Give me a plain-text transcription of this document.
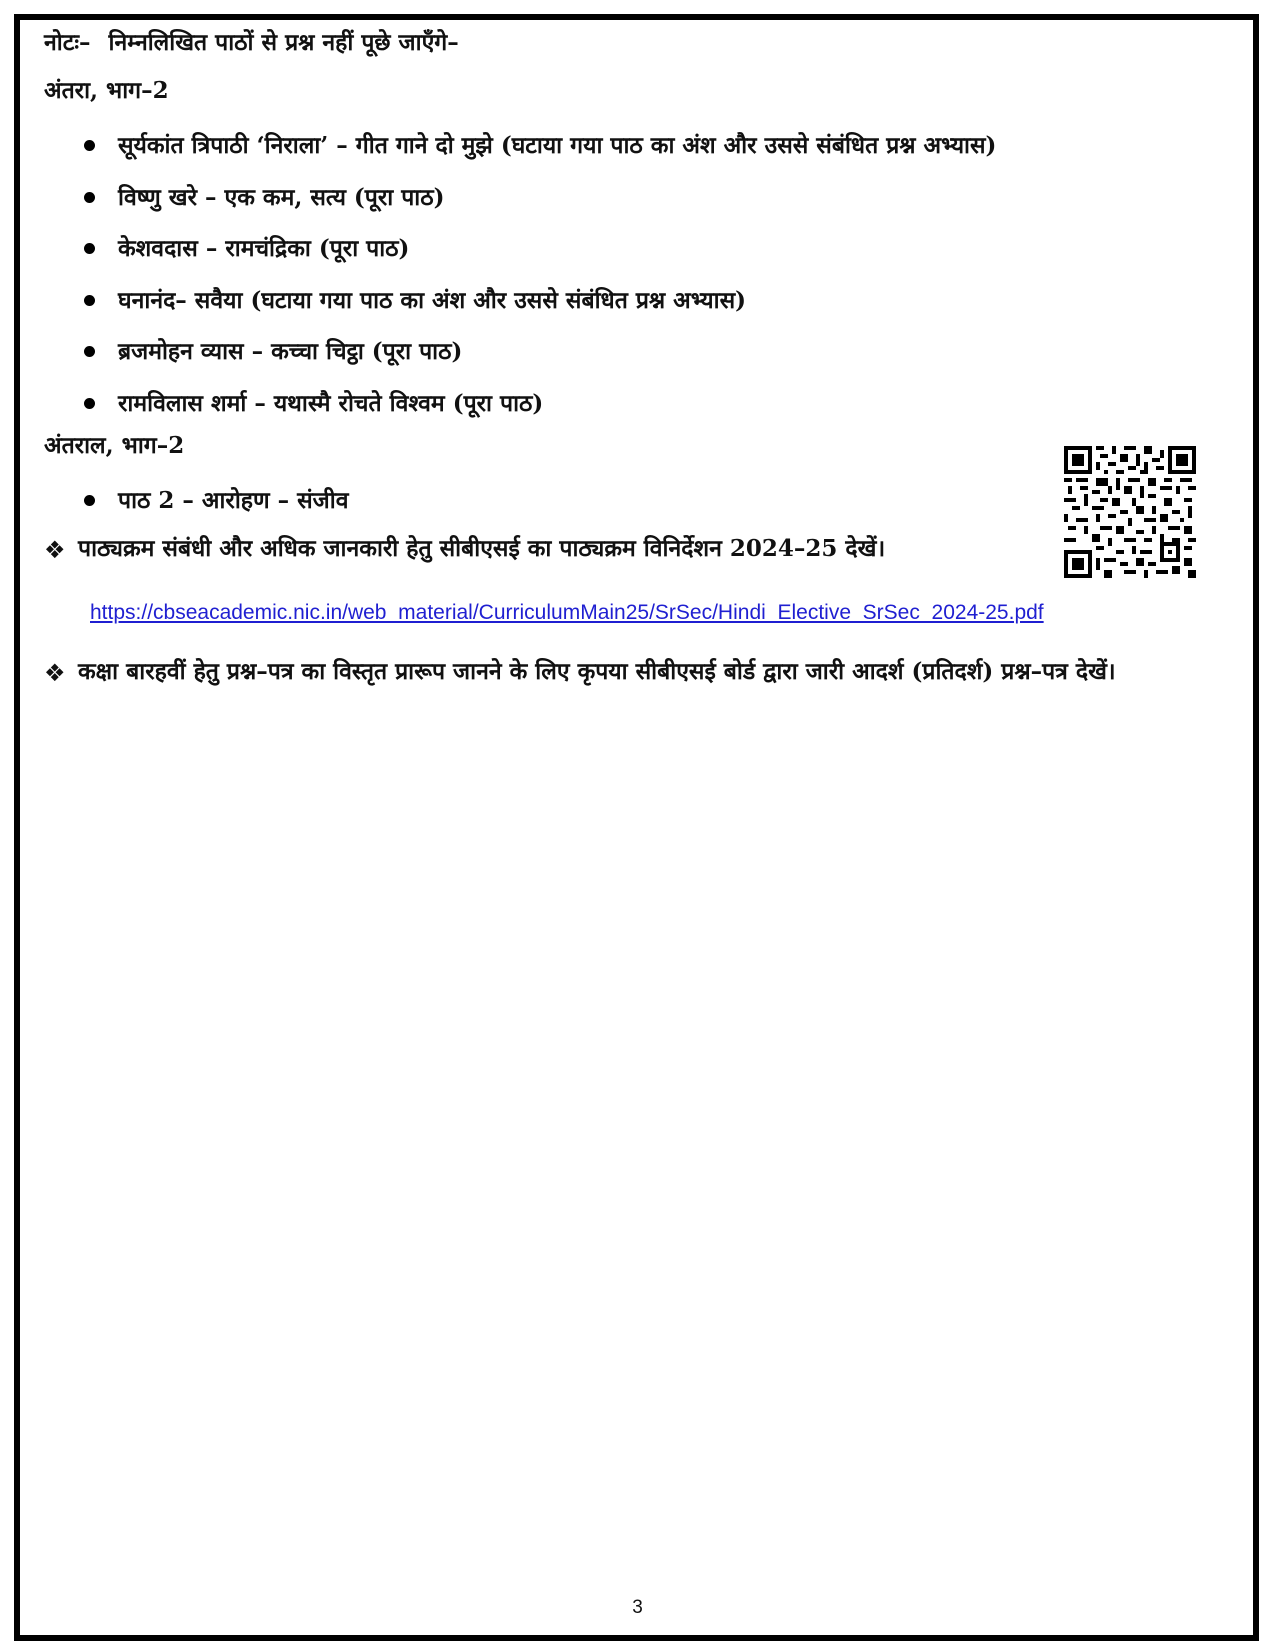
नोटः– निम्नलिखित पाठों से प्रश्न नहीं पूछे जाएँगे–

अंतरा, भाग–2

सूर्यकांत त्रिपाठी ‘निराला’ – गीत गाने दो मुझे (घटाया गया पाठ का अंश और उससे संबंधित प्रश्न अभ्यास)
विष्णु खरे – एक कम, सत्य (पूरा पाठ)
केशवदास – रामचंद्रिका (पूरा पाठ)
घनानंद– सवैया (घटाया गया पाठ का अंश और उससे संबंधित प्रश्न अभ्यास)
ब्रजमोहन व्यास – कच्चा चिट्ठा (पूरा पाठ)
रामविलास शर्मा – यथास्मै रोचते विश्वम (पूरा पाठ)

अंतराल, भाग–2

पाठ 2 – आरोहण – संजीव

❖ पाठ्यक्रम संबंधी और अधिक जानकारी हेतु सीबीएसई का पाठ्यक्रम विनिर्देशन 2024–25 देखें।

https://cbseacademic.nic.in/web_material/CurriculumMain25/SrSec/Hindi_Elective_SrSec_2024-25.pdf

❖ कक्षा बारहवीं हेतु प्रश्न–पत्र का विस्तृत प्रारूप जानने के लिए कृपया सीबीएसई बोर्ड द्वारा जारी आदर्श (प्रतिदर्श) प्रश्न–पत्र देखें।

3
